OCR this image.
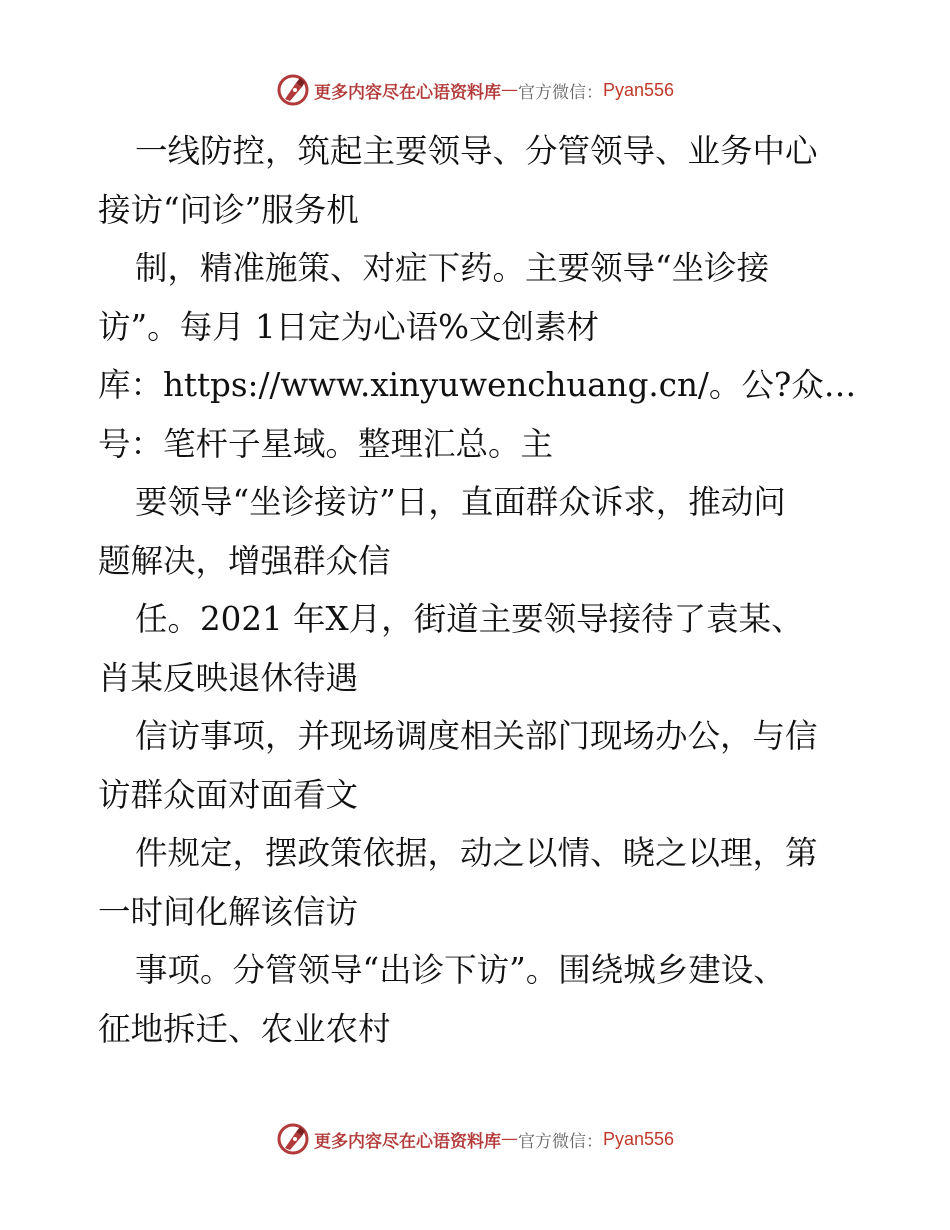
更多内容尽在心语资料库 — 官方微信： Pyan556
一线防控，筑起主要领导、分管领导、业务中心
接访“问诊”服务机
制，精准施策、对症下药。主要领导“坐诊接
访”。每月 1日定为心语%文创素材
库：https://www.xinyuwenchuang.cn/。公?众…
号：笔杆子星域。整理汇总。主
要领导“坐诊接访”日，直面群众诉求，推动问
题解决，增强群众信
任。2021 年X月，街道主要领导接待了袁某、
肖某反映退休待遇
信访事项，并现场调度相关部门现场办公，与信
访群众面对面看文
件规定，摆政策依据，动之以情、晓之以理，第
一时间化解该信访
事项。分管领导“出诊下访”。围绕城乡建设、
征地拆迁、农业农村
更多内容尽在心语资料库 — 官方微信： Pyan556
